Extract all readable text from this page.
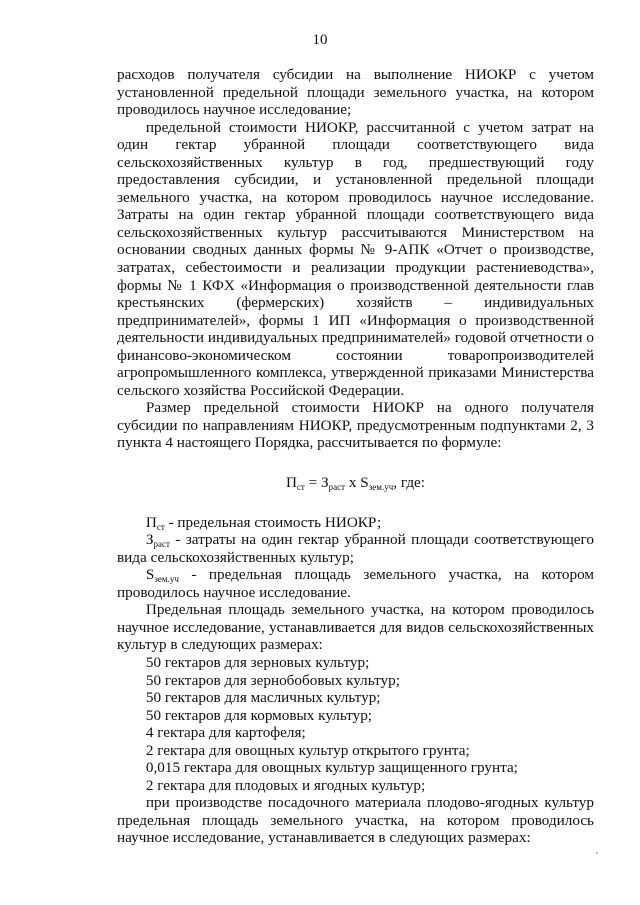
10

расходов получателя субсидии на выполнение НИОКР с учетом установленной предельной площади земельного участка, на котором проводилось научное исследование;

предельной стоимости НИОКР, рассчитанной с учетом затрат на один гектар убранной площади соответствующего вида сельскохозяйственных культур в год, предшествующий году предоставления субсидии, и установленной предельной площади земельного участка, на котором проводилось научное исследование. Затраты на один гектар убранной площади соответствующего вида сельскохозяйственных культур рассчитываются Министерством на основании сводных данных формы № 9-АПК «Отчет о производстве, затратах, себестоимости и реализации продукции растениеводства», формы № 1 КФХ «Информация о производственной деятельности глав крестьянских (фермерских) хозяйств – индивидуальных предпринимателей», формы 1 ИП «Информация о производственной деятельности индивидуальных предпринимателей» годовой отчетности о финансово-экономическом состоянии товаропроизводителей агропромышленного комплекса, утвержденной приказами Министерства сельского хозяйства Российской Федерации.

Размер предельной стоимости НИОКР на одного получателя субсидии по направлениям НИОКР, предусмотренным подпунктами 2, 3 пункта 4 настоящего Порядка, рассчитывается по формуле:

$П_{ст} = З_{раст}$ x $S_{зем.уч}$, где:

$П_{ст}$ - предельная стоимость НИОКР;

$З_{раст}$ - затраты на один гектар убранной площади соответствующего вида сельскохозяйственных культур;

$S_{зем.уч}$ - предельная площадь земельного участка, на котором проводилось научное исследование.

Предельная площадь земельного участка, на котором проводилось научное исследование, устанавливается для видов сельскохозяйственных культур в следующих размерах:

50 гектаров для зерновых культур;

50 гектаров для зернобобовых культур;

50 гектаров для масличных культур;

50 гектаров для кормовых культур;

4 гектара для картофеля;

2 гектара для овощных культур открытого грунта;

0,015 гектара для овощных культур защищенного грунта;

2 гектара для плодовых и ягодных культур;

при производстве посадочного материала плодово-ягодных культур предельная площадь земельного участка, на котором проводилось научное исследование, устанавливается в следующих размерах:
